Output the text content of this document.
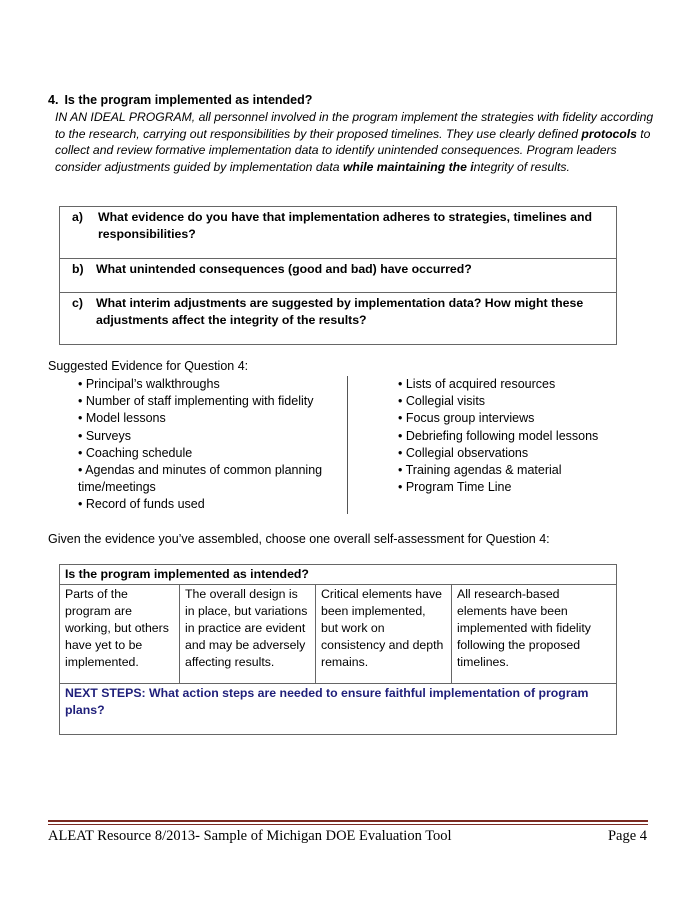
4. Is the program implemented as intended?
IN AN IDEAL PROGRAM, all personnel involved in the program implement the strategies with fidelity according to the research, carrying out responsibilities by their proposed timelines. They use clearly defined protocols to collect and review formative implementation data to identify unintended consequences. Program leaders consider adjustments guided by implementation data while maintaining the integrity of results.
a)	What evidence do you have that implementation adheres to strategies, timelines and responsibilities?

b)	What unintended consequences (good and bad) have occurred?

c)	What interim adjustments are suggested by implementation data? How might these adjustments affect the integrity of the results?
Suggested Evidence for Question 4:
• Principal’s walkthroughs
• Number of staff implementing with fidelity
• Model lessons
• Surveys
• Coaching schedule
• Agendas and minutes of common planning time/meetings
• Record of funds used
• Lists of acquired resources
• Collegial visits
• Focus group interviews
• Debriefing following model lessons
• Collegial observations
• Training agendas & material
• Program Time Line
Given the evidence you’ve assembled, choose one overall self-assessment for Question 4:
Is the program implemented as intended?
Parts of the program are working, but others have yet to be implemented.	The overall design is in place, but variations in practice are evident and may be adversely affecting results.	Critical elements have been implemented, but work on consistency and depth remains.	All research-based elements have been implemented with fidelity following the proposed timelines.
NEXT STEPS: What action steps are needed to ensure faithful implementation of program plans?
ALEAT Resource 8/2013- Sample of Michigan DOE Evaluation Tool	Page 4
